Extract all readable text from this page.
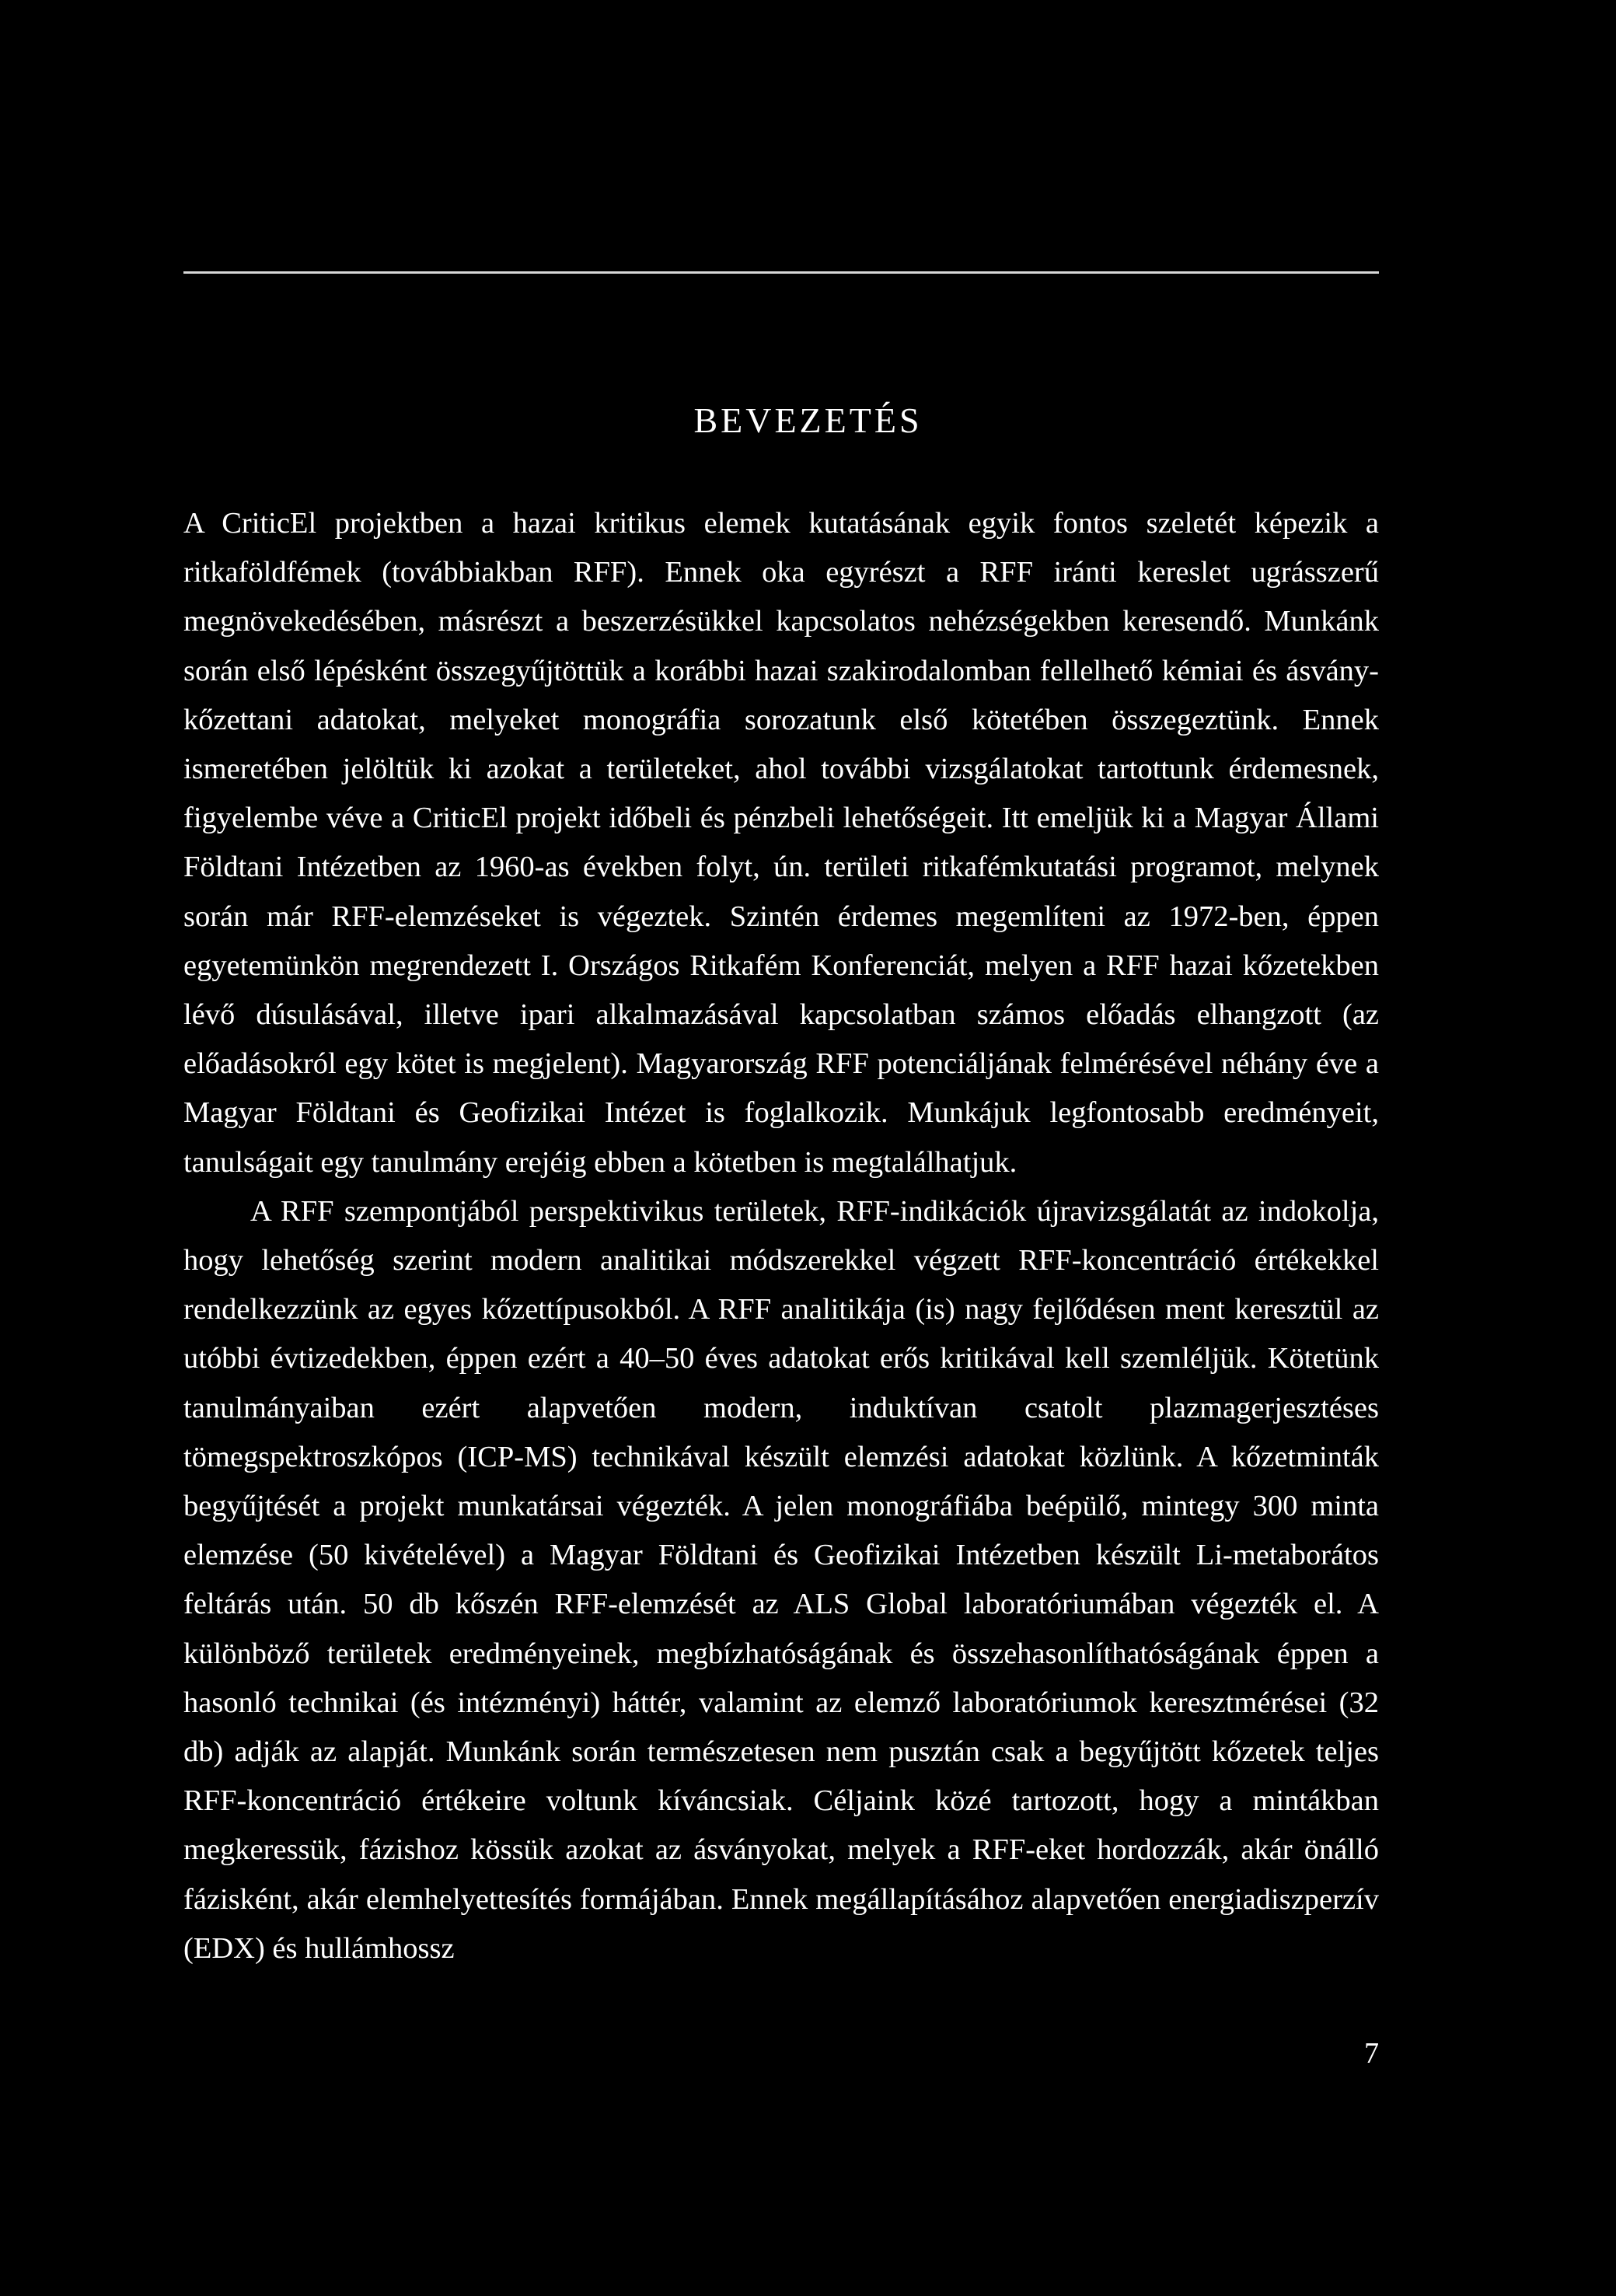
BEVEZETÉS

A CriticEl projektben a hazai kritikus elemek kutatásának egyik fontos szeletét képezik a ritkaföldfémek (továbbiakban RFF). Ennek oka egyrészt a RFF iránti kereslet ugrásszerű megnövekedésében, másrészt a beszerzésükkel kapcsolatos nehézségekben keresendő. Munkánk során első lépésként összegyűjtöttük a korábbi hazai szakirodalomban fellelhető kémiai és ásvány-kőzettani adatokat, melyeket monográfia sorozatunk első kötetében összegeztünk. Ennek ismeretében jelöltük ki azokat a területeket, ahol további vizsgálatokat tartottunk érdemesnek, figyelembe véve a CriticEl projekt időbeli és pénzbeli lehetőségeit. Itt emeljük ki a Magyar Állami Földtani Intézetben az 1960-as években folyt, ún. területi ritkafémkutatási programot, melynek során már RFF-elemzéseket is végeztek. Szintén érdemes megemlíteni az 1972-ben, éppen egyetemünkön megrendezett I. Országos Ritkafém Konferenciát, melyen a RFF hazai kőzetekben lévő dúsulásával, illetve ipari alkalmazásával kapcsolatban számos előadás elhangzott (az előadásokról egy kötet is megjelent). Magyarország RFF potenciáljának felmérésével néhány éve a Magyar Földtani és Geofizikai Intézet is foglalkozik. Munkájuk legfontosabb eredményeit, tanulságait egy tanulmány erejéig ebben a kötetben is megtalálhatjuk.

A RFF szempontjából perspektivikus területek, RFF-indikációk újravizsgálatát az indokolja, hogy lehetőség szerint modern analitikai módszerekkel végzett RFF-koncentráció értékekkel rendelkezzünk az egyes kőzettípusokból. A RFF analitikája (is) nagy fejlődésen ment keresztül az utóbbi évtizedekben, éppen ezért a 40–50 éves adatokat erős kritikával kell szemléljük. Kötetünk tanulmányaiban ezért alapvetően modern, induktívan csatolt plazmagerjesztéses tömegspektroszkópos (ICP-MS) technikával készült elemzési adatokat közlünk. A kőzetminták begyűjtését a projekt munkatársai végezték. A jelen monográfiába beépülő, mintegy 300 minta elemzése (50 kivételével) a Magyar Földtani és Geofizikai Intézetben készült Li-metaborátos feltárás után. 50 db kőszén RFF-elemzését az ALS Global laboratóriumában végezték el. A különböző területek eredményeinek, megbízhatóságának és összehasonlíthatóságának éppen a hasonló technikai (és intézményi) háttér, valamint az elemző laboratóriumok keresztmérései (32 db) adják az alapját. Munkánk során természetesen nem pusztán csak a begyűjtött kőzetek teljes RFF-koncentráció értékeire voltunk kíváncsiak. Céljaink közé tartozott, hogy a mintákban megkeressük, fázishoz kössük azokat az ásványokat, melyek a RFF-eket hordozzák, akár önálló fázisként, akár elemhelyettesítés formájában. Ennek megállapításához alapvetően energiadiszperzív (EDX) és hullámhossz

7
